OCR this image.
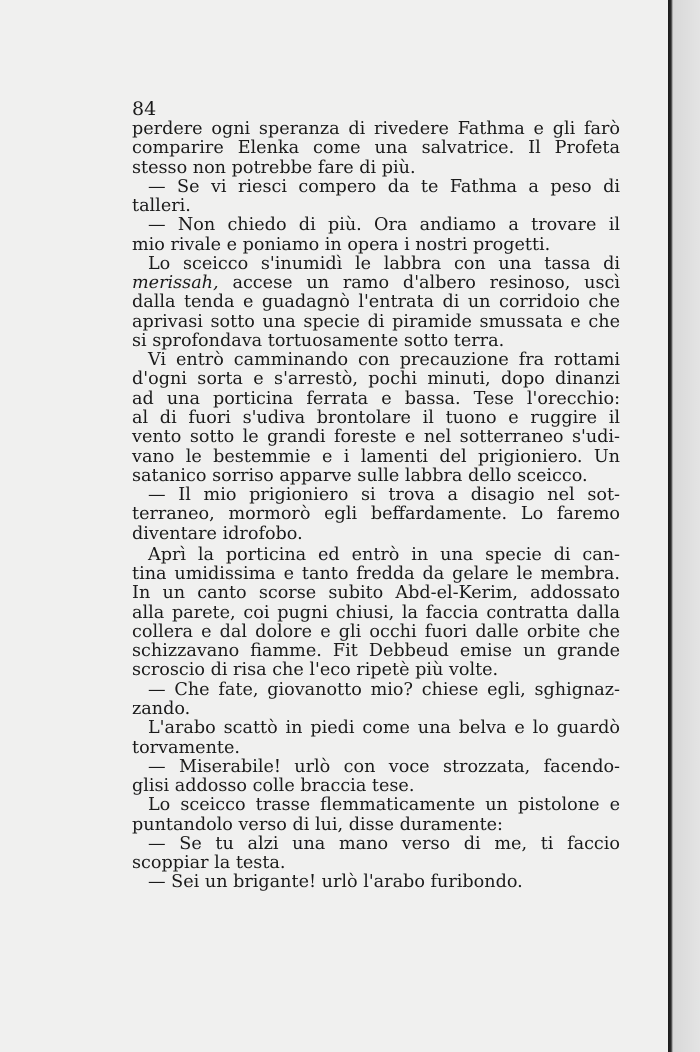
84
perdere ogni speranza di rivedere Fathma e gli farò
comparire Elenka come una salvatrice. Il Profeta
stesso non potrebbe fare di più.
— Se vi riesci compero da te Fathma a peso di
talleri.
— Non chiedo di più. Ora andiamo a trovare il
mio rivale e poniamo in opera i nostri progetti.
Lo sceicco s'inumidì le labbra con una tassa di
merissah, accese un ramo d'albero resinoso, uscì
dalla tenda e guadagnò l'entrata di un corridoio che
aprivasi sotto una specie di piramide smussata e che
si sprofondava tortuosamente sotto terra.
Vi entrò camminando con precauzione fra rottami
d'ogni sorta e s'arrestò, pochi minuti, dopo dinanzi
ad una porticina ferrata e bassa. Tese l'orecchio:
al di fuori s'udiva brontolare il tuono e ruggire il
vento sotto le grandi foreste e nel sotterraneo s'udi-
vano le bestemmie e i lamenti del prigioniero. Un
satanico sorriso apparve sulle labbra dello sceicco.
— Il mio prigioniero si trova a disagio nel sot-
terraneo, mormorò egli beffardamente. Lo faremo
diventare idrofobo.
Aprì la porticina ed entrò in una specie di can-
tina umidissima e tanto fredda da gelare le membra.
In un canto scorse subito Abd-el-Kerim, addossato
alla parete, coi pugni chiusi, la faccia contratta dalla
collera e dal dolore e gli occhi fuori dalle orbite che
schizzavano fiamme. Fit Debbeud emise un grande
scroscio di risa che l'eco ripetè più volte.
— Che fate, giovanotto mio? chiese egli, sghignaz-
zando.
L'arabo scattò in piedi come una belva e lo guardò
torvamente.
— Miserabile! urlò con voce strozzata, facendo-
glisi addosso colle braccia tese.
Lo sceicco trasse flemmaticamente un pistolone e
puntandolo verso di lui, disse duramente:
— Se tu alzi una mano verso di me, ti faccio
scoppiar la testa.
— Sei un brigante! urlò l'arabo furibondo.
